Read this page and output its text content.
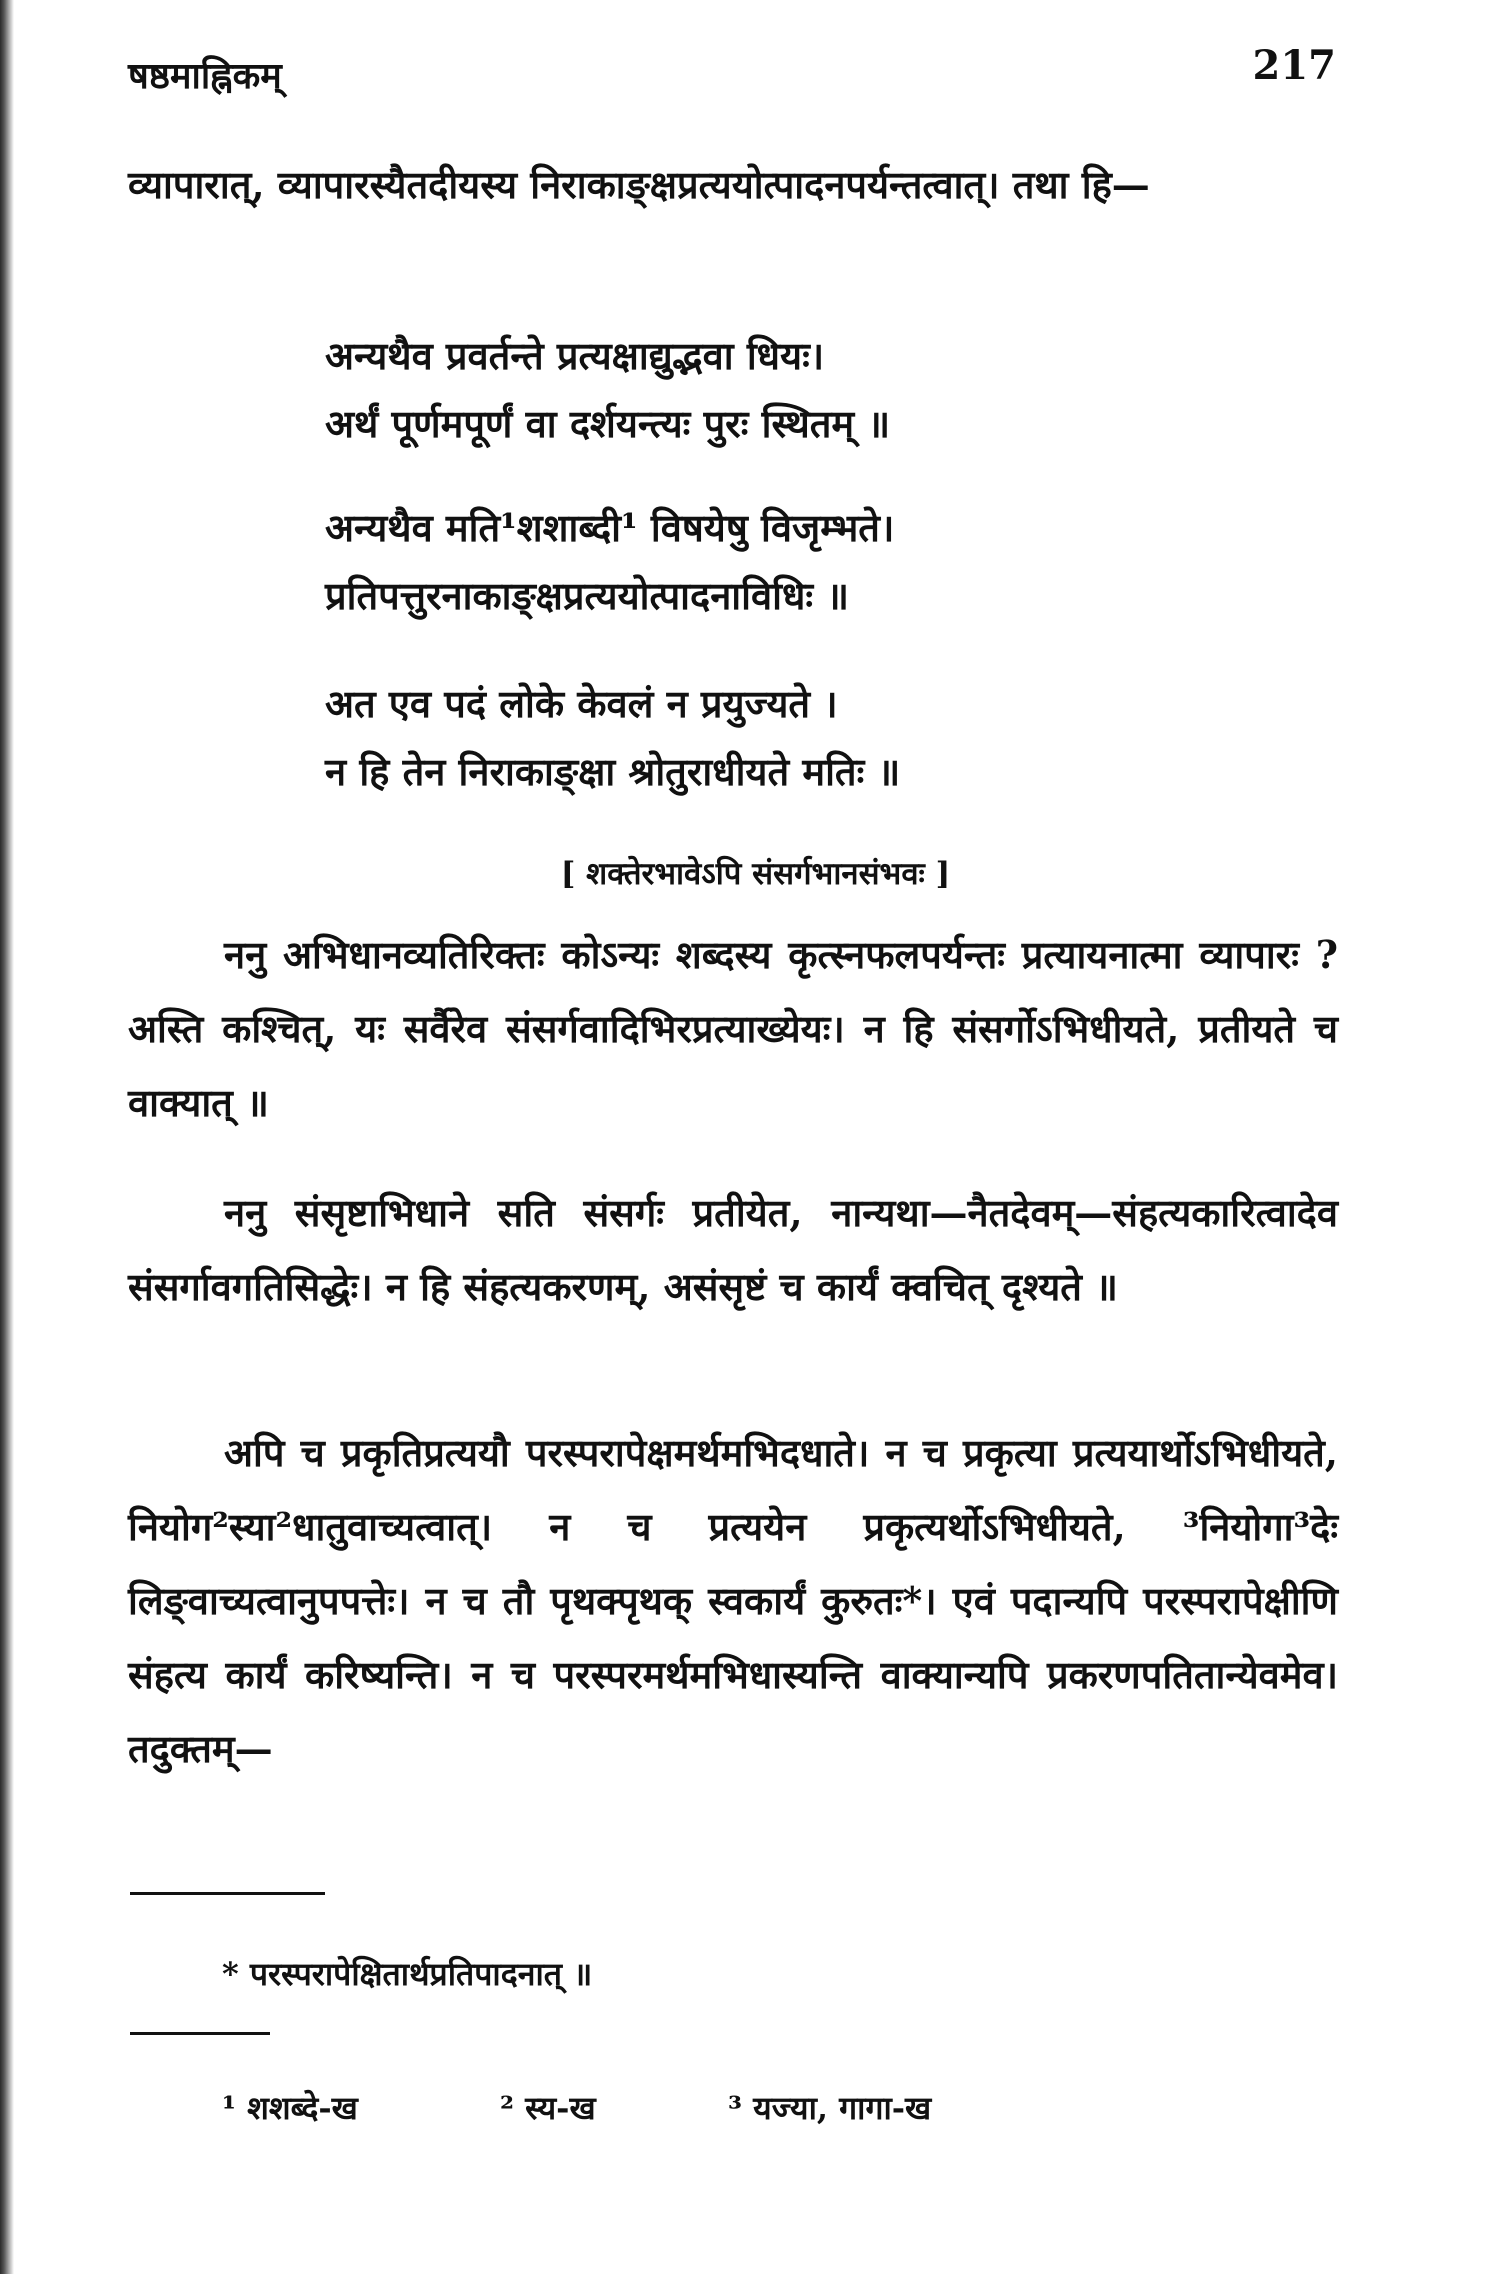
षष्ठमाह्निकम्	217

व्यापारात्, व्यापारस्यैतदीयस्य निराकाङ्क्षप्रत्ययोत्पादनपर्यन्तत्वात्। तथा हि—

अन्यथैव प्रवर्तन्ते प्रत्यक्षाद्युद्भवा धियः।
अर्थं पूर्णमपूर्णं वा दर्शयन्त्यः पुरः स्थितम् ॥
अन्यथैव मति¹शशाब्दी¹ विषयेषु विजृम्भते।
प्रतिपत्तुरनाकाङ्क्षप्रत्ययोत्पादनाविधिः ॥
अत एव पदं लोके केवलं न प्रयुज्यते ।
न हि तेन निराकाङ्क्षा श्रोतुराधीयते मतिः ॥
[ शक्तेरभावेऽपि संसर्गभानसंभवः ]

ननु अभिधानव्यतिरिक्तः कोऽन्यः शब्दस्य कृत्स्नफलपर्यन्तः प्रत्यायनात्मा व्यापारः ? अस्ति कश्चित्, यः सर्वैरेव संसर्गवादिभिरप्रत्याख्येयः। न हि संसर्गोऽभिधीयते, प्रतीयते च वाक्यात् ॥

ननु संसृष्टाभिधाने सति संसर्गः प्रतीयेत, नान्यथा—नैतदेवम्—संहत्यकारित्वादेव संसर्गावगतिसिद्धेः। न हि संहत्यकरणम्, असंसृष्टं च कार्यं क्वचित् दृश्यते ॥

अपि च प्रकृतिप्रत्ययौ परस्परापेक्षमर्थमभिदधाते। न च प्रकृत्या प्रत्ययार्थोऽभिधीयते, नियोग²स्या²धातुवाच्यत्वात्। न च प्रत्ययेन प्रकृत्यर्थोऽभिधीयते, ³नियोगा³देः लिङ्वाच्यत्वानुपपत्तेः। न च तौ पृथक्पृथक् स्वकार्यं कुरुतः*। एवं पदान्यपि परस्परापेक्षीणि संहत्य कार्यं करिष्यन्ति। न च परस्परमर्थमभिधास्यन्ति वाक्यान्यपि प्रकरणपतितान्येवमेव। तदुक्तम्—

* परस्परापेक्षितार्थप्रतिपादनात् ॥
¹ शशब्दे-ख	² स्य-ख	³ यज्या, गागा-ख
